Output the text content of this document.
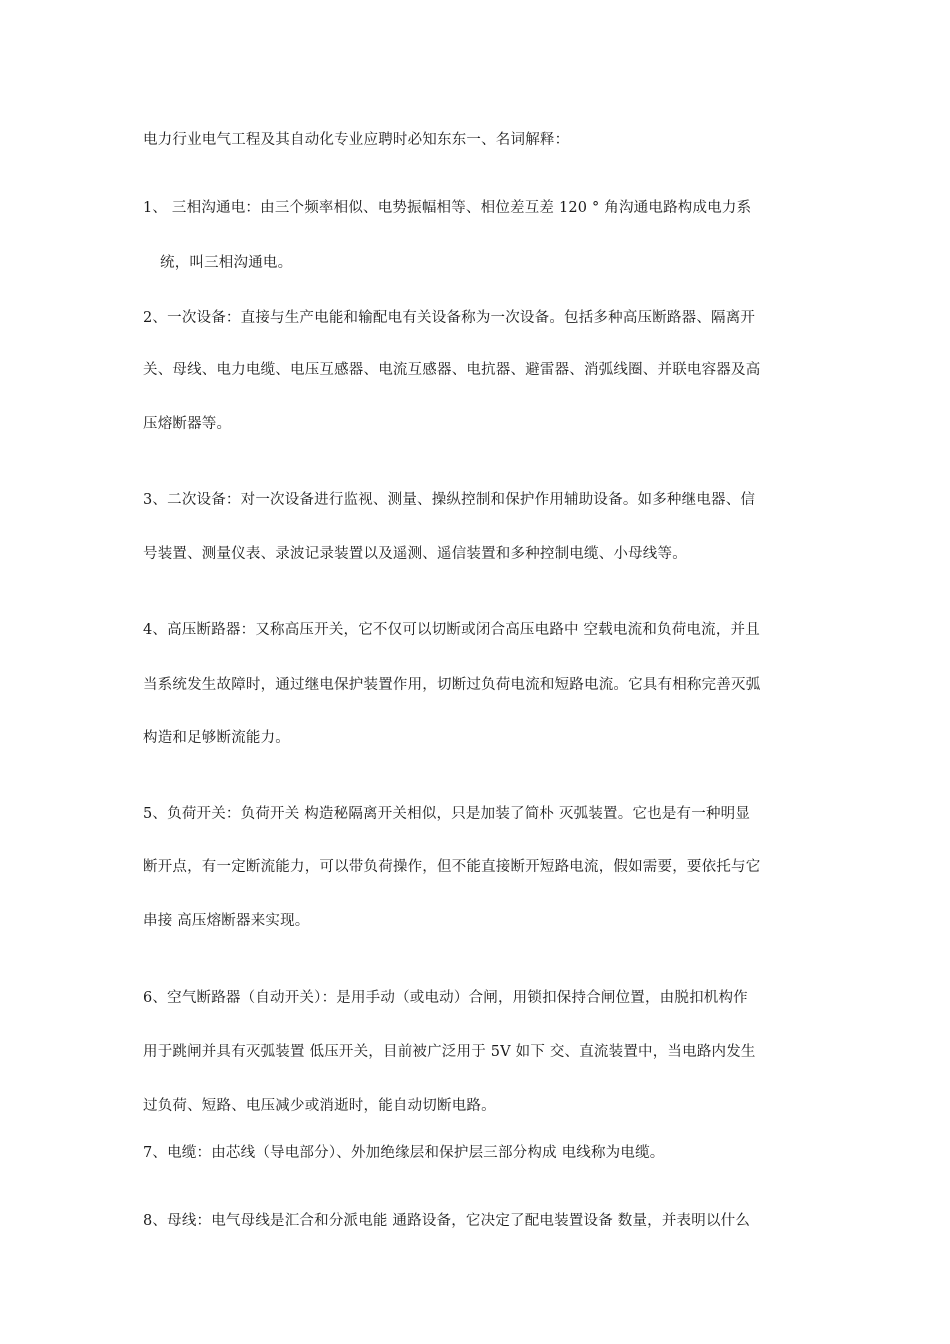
电力行业电气工程及其自动化专业应聘时必知东东一、名词解释：
1、 三相沟通电：由三个频率相似、电势振幅相等、相位差互差 120 ° 角沟通电路构成电力系
统，叫三相沟通电。
2、一次设备：直接与生产电能和输配电有关设备称为一次设备。包括多种高压断路器、隔离开
关、母线、电力电缆、电压互感器、电流互感器、电抗器、避雷器、消弧线圈、并联电容器及高
压熔断器等。
3、二次设备：对一次设备进行监视、测量、操纵控制和保护作用辅助设备。如多种继电器、信
号装置、测量仪表、录波记录装置以及遥测、遥信装置和多种控制电缆、小母线等。
4、高压断路器：又称高压开关，它不仅可以切断或闭合高压电路中 空载电流和负荷电流，并且
当系统发生故障时，通过继电保护装置作用，切断过负荷电流和短路电流。它具有相称完善灭弧
构造和足够断流能力。
5、负荷开关：负荷开关 构造秘隔离开关相似，只是加装了简朴 灭弧装置。它也是有一种明显
断开点，有一定断流能力，可以带负荷操作，但不能直接断开短路电流，假如需要，要依托与它
串接 高压熔断器来实现。
6、空气断路器（自动开关）：是用手动（或电动）合闸，用锁扣保持合闸位置，由脱扣机构作
用于跳闸并具有灭弧装置 低压开关，目前被广泛用于 5V 如下 交、直流装置中，当电路内发生
过负荷、短路、电压减少或消逝时，能自动切断电路。
7、电缆：由芯线（导电部分）、外加绝缘层和保护层三部分构成 电线称为电缆。
8、母线：电气母线是汇合和分派电能 通路设备，它决定了配电装置设备 数量，并表明以什么
